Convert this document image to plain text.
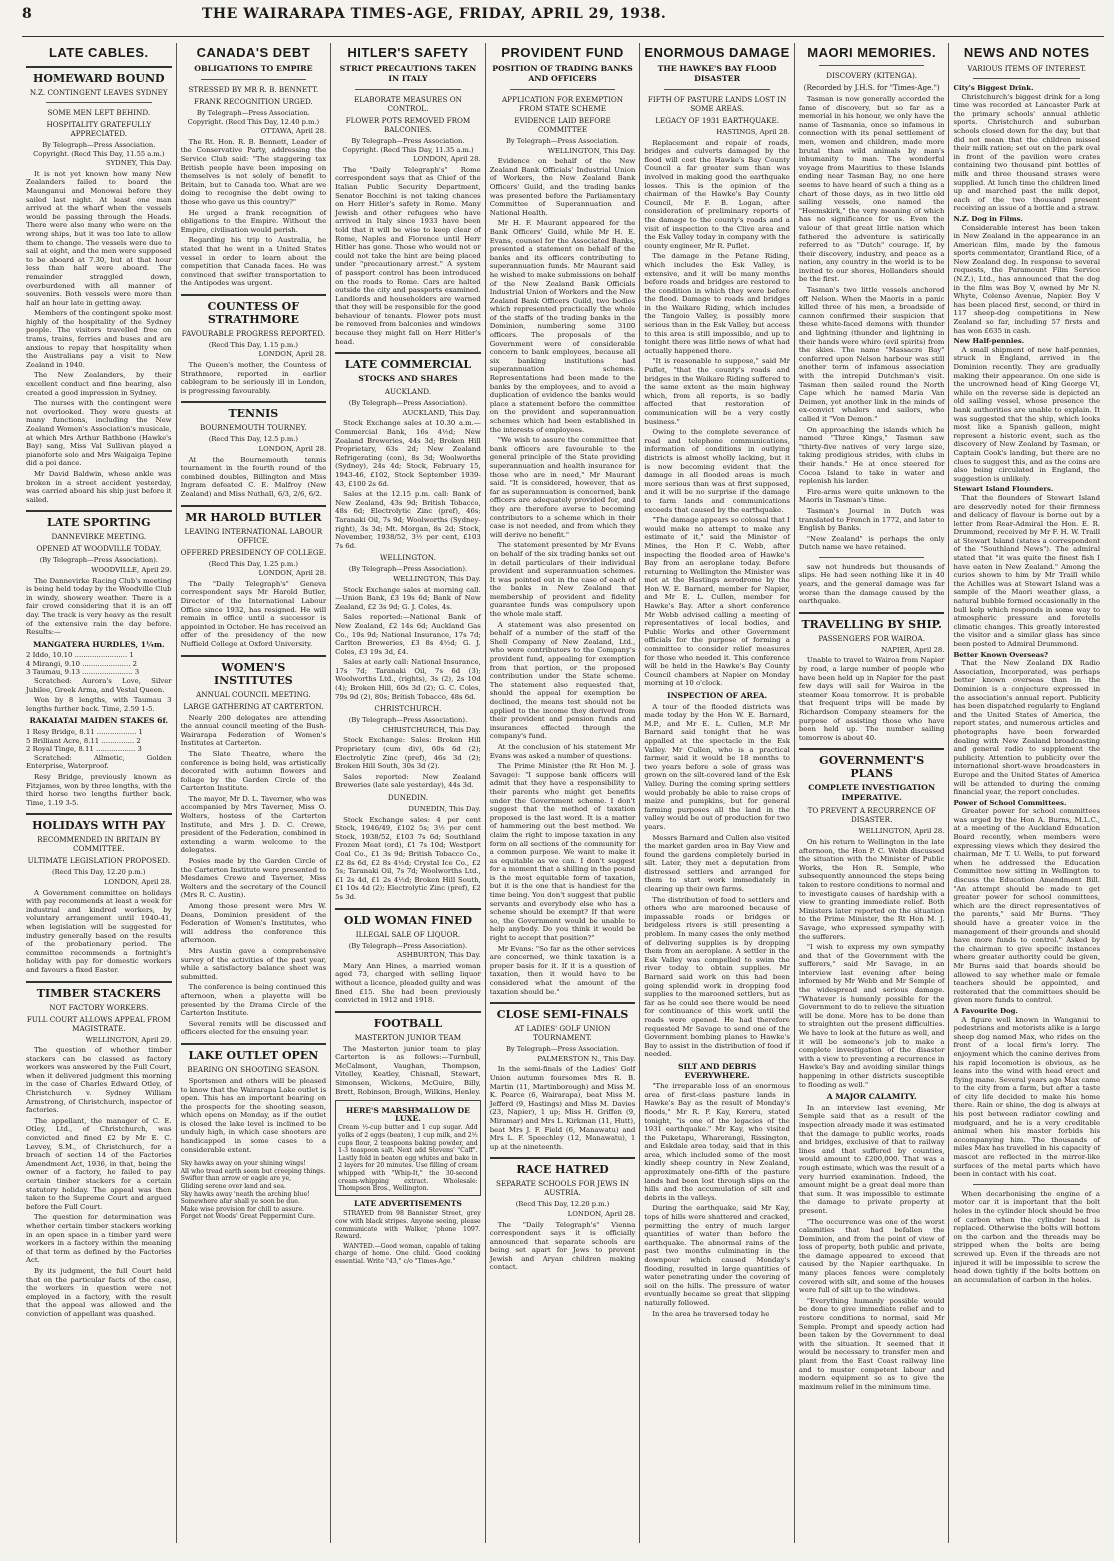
8	THE WAIRARAPA TIMES-AGE, FRIDAY, APRIL 29, 1938.
LATE CABLES.
HOMEWARD BOUND
N.Z. CONTINGENT LEAVES SYDNEY
SOME MEN LEFT BEHIND.
HOSPITALITY GRATEFULLY APPRECIATED.
By Telegraph—Press Association. Copyright. (Recd This Day, 11.55 a.m.)
SYDNEY, This Day.

It is not yet known how many New Zealanders failed to board the Maunganui and Monowai before they sailed last night. At least one man arrived at the wharf when the vessels would be passing through the Heads. There were also many who were on the wrong ships, but it was too late to allow them to change. The vessels were due to sail at eight, and the men were supposed to be aboard at 7.30, but at that hour less than half were aboard. The remainder straggled down, overburdened with all manner of souvenirs. Both vessels were more than half an hour late in getting away.

Members of the contingent spoke most highly of the hospitality of the Sydney people. The visitors travelled free on trams, trains, ferries and buses and are anxious to repay that hospitality when the Australians pay a visit to New Zealand in 1940.

The New Zealanders, by their excellent conduct and fine bearing, also created a good impression in Sydney.

The nurses with the contingent were not overlooked. They were guests at many functions, including the New Zealand Women's Association's musicale, at which Mrs Arthur Rathbone (Hawke's Bay) sang, Miss Val Sullivan played a pianoforte solo and Mrs Waigaiga Tepine did a poi dance.

Mr David Baldwin, whose ankle was broken in a street accident yesterday, was carried aboard his ship just before it sailed.

LATE SPORTING
DANNEVIRKE MEETING.
OPENED AT WOODVILLE TODAY.
(By Telegraph—Press Association).
WOODVILLE, April 29.

The Dannevirke Racing Club's meeting is being held today by the Woodville Club in windy, showery weather. There is a fair crowd considering that it is an off day. The track is very heavy as the result of the extensive rain the day before. Results:—

MANGATERA HURDLES, 1¼m.
2 Iddo, 10.10 ........................ 1
4 Mirangi, 9.10 ...................... 2
3 Taumau, 9.13 ....................... 3

Scratched: Aurora's Love, Silver Jubilee, Greek Arma, and Vestal Queen.

Won by 8 lengths, with Taumau 3 lengths further back. Time, 2.59 1-5.

RAKAIATAI MAIDEN STAKES 6f.
1 Resy Bridge, 8.11 .................. 1
5 Brilliant Acre, 8.11 ............... 2
2 Royal Tinge, 8.11 .................. 3

Scratched: Allmetic, Golden Enterprise, Waterproof.

Resy Bridge, previously known as Fitzjames, won by three lengths, with the third horse two lengths further back. Time, 1.19 3-5.

HOLIDAYS WITH PAY
RECOMMENDED IN BRITAIN BY COMMITTEE.
ULTIMATE LEGISLATION PROPOSED.
(Recd This Day, 12.20 p.m.)
LONDON, April 28.

A Government committee on holidays with pay recommends at least a week for industrial and kindred workers, by voluntary arrangement until 1940-41, when legislation will be suggested for industry generally based on the results of the probationary period. The committee recommends a fortnight's holiday with pay for domestic workers and favours a fixed Easter.

TIMBER STACKERS
NOT FACTORY WORKERS.
FULL COURT ALLOWS APPEAL FROM MAGISTRATE.
WELLINGTON, April 29.

The question of whether timber stackers can be classed as factory workers was answered by the Full Court, when it delivered judgment this morning in the case of Charles Edward Otley, of Christchurch v. Sydney William Armstrong, of Christchurch, inspector of factories.

The appellant, the manager of C. E. Otley, Ltd., of Christchurch, was convicted and fined £2 by Mr E. C. Levvey, S.M., of Christchurch, for a breach of section 14 of the Factories Amendment Act, 1936, in that, being the owner of a factory, he failed to pay certain timber stackers for a certain statutory holiday. The appeal was then taken to the Supreme Court and argued before the Full Court.

The question for determination was whether certain timber stackers working in an open space in a timber yard were workers in a factory within the meaning of that term as defined by the Factories Act.

By its judgment, the full Court held that on the particular facts of the case, the workers in question were not employed in a factory, with the result that the appeal was allowed and the conviction of appellant was quashed.

CANADA'S DEBT
OBLIGATIONS TO EMPIRE
STRESSED BY MR R. B. BENNETT.
FRANK RECOGNITION URGED.
By Telegraph—Press Association. Copyright. (Recd This Day, 12.40 p.m.)
OTTAWA, April 28.

The Rt. Hon. R. B. Bennett, Leader of the Conservative Party, addressing the Service Club said: "The staggering tax British people have been imposing on themselves is not solely of benefit to Britain, but to Canada too. What are we doing to recognise the debt owing to those who gave us this country?"

He urged a frank recognition of obligations to the Empire. Without the Empire, civilisation would perish.

Regarding his trip to Australia, he stated that he went in a United States vessel in order to learn about the competition that Canada faces. He was convinced that swifter transportation to the Antipodes was urgent.

COUNTESS OF STRATHMORE
FAVOURABLE PROGRESS REPORTED.
(Recd This Day, 1.15 p.m.)
LONDON, April 28.

The Queen's mother, the Countess of Strathmore, reported in earlier cablegram to be seriously ill in London, is progressing favourably.

TENNIS
BOURNEMOUTH TOURNEY.
(Recd This Day, 12.5 p.m.)
LONDON, April 28.

At the Bournemouth tennis tournament in the fourth round of the combined doubles, Billington and Miss Ingram defeated C. E. Malfroy (New Zealand) and Miss Nuthall, 6/3, 2/6, 6/2.

MR HAROLD BUTLER
LEAVING INTERNATIONAL LABOUR OFFICE.
OFFERED PRESIDENCY OF COLLEGE.
(Recd This Day, 1.25 p.m.)
LONDON, April 28.

The "Daily Telegraph's" Geneva correspondent says Mr Harold Butler, Director of the International Labour Office since 1932, has resigned. He will remain in office until a successor is appointed in October. He has received an offer of the presidency of the new Nuffield College at Oxford University.

WOMEN'S INSTITUTES
ANNUAL COUNCIL MEETING.
LARGE GATHERING AT CARTERTON.

Nearly 200 delegates are attending the annual council meeting of the Bush-Wairarapa Federation of Women's Institutes at Carterton.

The Slate Theatre, where the conference is being held, was artistically decorated with autumn flowers and foliage by the Garden Circle of the Carterton Institute.

The mayor, Mr D. L. Taverner, who was accompanied by Mrs Taverner, Miss O. Wolters, hostess of the Carterton Institute, and Mrs J. D. C. Crewe, president of the Federation, combined in extending a warm welcome to the delegates.

Posies made by the Garden Circle of the Carterton Institute were presented to Mesdames Crewe and Taverner, Miss Wolters and the secretary of the Council (Mrs R. C. Austin).

Among those present were Mrs W. Deans, Dominion president of the Federation of Women's Institutes, who will address the conference this afternoon.

Mrs Austin gave a comprehensive survey of the activities of the past year, while a satisfactory balance sheet was submitted.

The conference is being continued this afternoon, when a playette will be presented by the Drama Circle of the Carterton Institute.

Several remits will be discussed and officers elected for the ensuing year.

LAKE OUTLET OPEN
BEARING ON SHOOTING SEASON.

Sportsmen and others will be pleased to know that the Wairarapa Lake outlet is open. This has an important bearing on the prospects for the shooting season, which opens on Monday, as if the outlet is closed the lake level is inclined to be unduly high, in which case shooters are handicapped in some cases to a considerable extent.

Sky hawks away on your shining wings!
All who tread earth seem but creeping things.
Swifter than arrow or eagle are ye,
Gliding serene over land and sea.
Sky hawks away 'neath the arching blue!
Somewhere afar shall ye soon be due.
Make wise provision for chill to assure.
Forget not Woods' Great Peppermint Cure.
HITLER'S SAFETY
STRICT PRECAUTIONS TAKEN IN ITALY
ELABORATE MEASURES ON CONTROL.
FLOWER POTS REMOVED FROM BALCONIES.
By Telegraph—Press Association. Copyright. (Recd This Day, 11.35 a.m.)
LONDON, April 28.

The "Daily Telegraph's" Rome correspondent says that as Chief of the Italian Public Security Department, Senator Bocchini is not taking chances on Herr Hitler's safety in Rome. Many Jewish and other refugees who have arrived in Italy since 1933 have been told that it will be wise to keep clear of Rome, Naples and Florence until Herr Hitler has gone. Those who would not or could not take the hint are being placed under "precautionary arrest." A system of passport control has been introduced on the roads to Rome. Cars are halted outside the city and passports examined. Landlords and householders are warned that they will be responsible for the good behaviour of tenants. Flower pots must be removed from balconies and windows because they might fall on Herr Hitler's head.

LATE COMMERCIAL
STOCKS AND SHARES
AUCKLAND.
(By Telegraph—Press Association).
AUCKLAND, This Day.

Stock Exchange sales at 10.30 a.m.—Commercial Bank, 16s 4½d; New Zealand Breweries, 44s 3d; Broken Hill Proprietary, 63s 2d; New Zealand Refrigerating (con), 8s 3d; Woolworths (Sydney), 24s 4d; Stock, February 15, 1943-46, £102, Stock September 1939-43, £100 2s 6d.

Sales at the 12.15 p.m. call: Bank of New Zealand, 43s 9d; British Tobacco, 48s 6d; Electrolytic Zinc (pref), 46s; Taranaki Oil, 7s 9d; Woolworths (Sydney-right), 3s 3d; Mt. Morgan, 8s 2d; Stock, November, 1938/52, 3½ per cent, £103 7s 6d.

WELLINGTON.
(By Telegraph—Press Association).
WELLINGTON, This Day.

Stock Exchange sales at morning call.—Union Bank, £3 19s 6d; Bank of New Zealand, £2 3s 9d; G. J. Coles, 4s.

Sales reported:—National Bank of New Zealand, £2 14s 6d; Auckland Gas Co., 19s 9d; National Insurance, 17s 7d; Carlton Breweries, £3 8s 4½d; G. J. Coles, £3 19s 3d, £4.

Sales at early call: National Insurance, 17s 7d; Taranaki Oil, 7s 6d (3); Woolworths Ltd., (rights), 3s (2), 2s 10d (4); Broken Hill, 60s 3d (2); G. C. Coles, 79s 9d (2), 80s; British Tobacco, 48s 6d.

CHRISTCHURCH.
(By Telegraph—Press Association).
CHRISTCHURCH, This Day.

Stock Exchange: Sales: Broken Hill Proprietary (cum div), 60s 6d (2); Electrolytic Zinc (pref), 46s 3d (2); Broken Hill South, 30s 3d (2).

Sales reported: New Zealand Breweries (late sale yesterday), 44s 3d.

DUNEDIN.
DUNEDIN, This Day.

Stock Exchange sales: 4 per cent Stock, 1946/49, £102 5s; 3½ per cent Stock, 1938/52, £103 7s 6d; Southland Frozen Meat (ord), £1 7s 10d; Westport Coal Co., £1 3s 9d; British Tobacco Co., £2 8s 6d, £2 8s 4½d; Crystal Ice Co., £2 5s; Taranaki Oil, 7s 7d; Woolworths Ltd., £1 2s 4d, £1 2s 4½d; Broken Hill South, £1 10s 4d (2); Electrolytic Zinc (pref), £2 5s 3d.

OLD WOMAN FINED
ILLEGAL SALE OF LIQUOR.
(By Telegraph—Press Association).
ASHBURTON, This Day.

Mary Ann Hines, a married woman aged 73, charged with selling liquor without a licence, pleaded guilty and was fined £15. She had been previously convicted in 1912 and 1918.

FOOTBALL
MASTERTON JUNIOR TEAM

The Masterton junior team to play Carterton is as follows:—Turnbull, McCalmont, Vaughan, Thompson, Vitelley, Keatley, Chisnall, Stewart, Simonsen, Wickens, McGuire, Billy, Brett, Robinson, Brough, Wilkins, Henley.

HERE'S MARSHMALLOW DE LUXE.
Cream ½-cup butter and 1 cup sugar. Add yolks of 2 eggs (beaten), 1 cup milk, and 2½ cups flour, 2 teaspoons baking powder, and 1-3 teaspoon salt. Next add Stevens' "Caff". Lastly fold in beaten egg whites and bake in 2 layers for 20 minutes. Use filling of cream whipped with "Whip-It," the 30-second cream-whipping extract. Wholesale: Thompson Bros., Wellington.
LATE ADVERTISEMENTS

STRAYED from 98 Bannister Street, grey cow with black stripes. Anyone seeing, please communicate with Walker, 'phone 1097. Reward.

WANTED.—Good woman, capable of taking charge of home. One child. Good cooking essential. Write "43," c/o "Times-Age."

PROVIDENT FUND
POSITION OF TRADING BANKS AND OFFICERS
APPLICATION FOR EXEMPTION FROM STATE SCHEME
EVIDENCE LAID BEFORE COMMITTEE
By Telegraph—Press Association.
WELLINGTON, This Day.

Evidence on behalf of the New Zealand Bank Officials' Industrial Union of Workers, the New Zealand Bank Officers' Guild, and the trading banks was presented before the Parliamentary Committee of Superannuation and National Health.

Mr H. F. Maurant appeared for the Bank Officers' Guild, while Mr H. E. Evans, counsel for the Associated Banks, presented a statement on behalf of the banks and its officers contributing to superannuation funds. Mr Maurant said he wished to make submissions on behalf of the New Zealand Bank Officials Industrial Union of Workers and the New Zealand Bank Officers Guild, two bodies which represented practically the whole of the staffs of the trading banks in the Dominion, numbering some 3100 officers. The proposals of the Government were of considerable concern to bank employees, because all six banking institutions had superannuation schemes. Representations had been made to the banks by the employees, and to avoid a duplication of evidence the banks would place a statement before the committee on the provident and superannuation schemes which had been established in the interests of employees.

"We wish to assure the committee that bank officers are favourable to the general principle of the State providing superannuation and health insurance for those who are in need," Mr Maurant said. "It is considered, however, that as far as superannuation is concerned, bank officers are adequately provided for, and they are therefore averse to becoming contributors to a scheme which in their case is not needed, and from which they will derive no benefit."

The statement presented by Mr Evans on behalf of the six trading banks set out in detail particulars of their individual provident and superannuation schemes. It was pointed out in the case of each of the banks in New Zealand that membership of provident and fidelity guarantee funds was compulsory upon the whole male staff.

A statement was also presented on behalf of a number of the staff of the Shell Company of New Zealand, Ltd., who were contributors to the Company's provident fund, appealing for exemption from that portion, or the proposed contribution under the State scheme. The statement also requested that, should the appeal for exemption be declined, the means test should not be applied to the income they derived from their provident and pension funds and insurances effected through the company's fund.

At the conclusion of his statement Mr Evans was asked a number of questions.

The Prime Minister (the Rt Hon M. J. Savage): "I suppose bank officers will admit that they have a responsibility to their parents who might get benefits under the Government scheme. I don't suggest that the method of taxation proposed is the last word. It is a matter of hammering out the best method. We claim the right to impose taxation in any form on all sections of the community for a common purpose. We want to make it as equitable as we can. I don't suggest for a moment that a shilling in the pound is the most equitable form of taxation, but it is the one that is handiest for the time being. You don't suggest that public servants and everybody else who has a scheme should be exempt? If that were so, the Government would be unable to help anybody. Do you think it would be right to accept that position?"

Mr Evans: "So far as the other services are concerned, we think taxation is a proper basis for it. If it is a question of taxation, then it would have to be considered what the amount of the taxation should be."

CLOSE SEMI-FINALS
AT LADIES' GOLF UNION TOURNAMENT.
By Telegraph—Press Association.
PALMERSTON N., This Day.

In the semi-finals of the Ladies' Golf Union autumn foursomes Mrs R. B. Martin (11, Martinborough) and Miss M. K. Pearce (6, Wairarapa), beat Miss M. Jefferd (9, Hastings) and Miss M. Davies (23, Napier), 1 up; Miss H. Griffen (9, Miramar) and Mrs L. Kirkman (11, Hutt), beat Mrs J. F. Field (6, Manawatu) and Mrs L. F. Speechley (12, Manawatu), 1 up at the nineteenth.

RACE HATRED
SEPARATE SCHOOLS FOR JEWS IN AUSTRIA.
(Recd This Day, 12.20 p.m.)
LONDON, April 28.

The "Daily Telegraph's" Vienna correspondent says it is officially announced that separate schools are being set apart for Jews to prevent Jewish and Aryan children making contact.

ENORMOUS DAMAGE
THE HAWKE'S BAY FLOOD DISASTER
FIFTH OF PASTURE LANDS LOST IN SOME AREAS.
LEGACY OF 1931 EARTHQUAKE.
HASTINGS, April 28.

Replacement and repair of roads, bridges and culverts damaged by the flood will cost the Hawke's Bay County Council a far greater sum than was involved in making good the earthquake losses. This is the opinion of the chairman of the Hawke's Bay County Council, Mr F. B. Logan, after consideration of preliminary reports of the damage to the county's roads and a visit of inspection to the Clive area and the Esk Valley today in company with the county engineer, Mr R. Puflet.

The damage in the Petane Riding, which includes the Esk Valley, is extensive, and it will be many months before roads and bridges are restored to the condition in which they were before the flood. Damage to roads and bridges in the Waikare Riding, which includes the Tangoio Valley, is possibly more serious than in the Esk Valley, but access to this area is still impossible, and up to tonight there was little news of what had actually happened there.

"It is reasonable to suppose," said Mr Puflet, "that the county's roads and bridges in the Waikare Riding suffered to the same extent as the main highway which, from all reports, is so badly affected that restoration of communication will be a very costly business."

Owing to the complete severance of road and telephone communications, information of conditions in outlying districts is almost wholly lacking, but it is now becoming evident that the damage in all flooded areas is much more serious than was at first supposed, and it will be no surprise if the damage to farm lands and communications exceeds that caused by the earthquake.

"The damage appears so colossal that I would make no attempt to make any estimate of it," said the Minister of Mines, the Hon P. C. Webb, after inspecting the flooded area of Hawke's Bay from an aeroplane today. Before returning to Wellington the Minister was met at the Hastings aerodrome by the Hon W. E. Barnard, member for Napier, and Mr E. L. Cullen, member for Hawke's Bay. After a short conference Mr Webb advised calling a meeting of representatives of local bodies, and Public Works and other Government officials for the purpose of forming a committee to consider relief measures for those who needed it. This conference will be held in the Hawke's Bay County Council chambers at Napier on Monday morning at 10 o'clock.

INSPECTION OF AREA.

A tour of the flooded districts was made today by the Hon W. E. Barnard, M.P., and Mr E. L. Cullen, M.P. Mr Barnard said tonight that he was appalled at the spectacle in the Esk Valley. Mr Cullen, who is a practical farmer, said it would be 18 months to two years before a sole of grass was grown on the silt-covered land of the Esk Valley. During the coming spring settlers would probably be able to raise crops of maize and pumpkins, but for general farming purposes all the land in the valley would be out of production for two years.

Messrs Barnard and Cullen also visited the market garden area in Bay View and found the gardens completely buried in silt. Later, they met a deputation from distressed settlers and arranged for them to start work immediately in clearing up their own farms.

The distribution of food to settlers and others who are marooned because of impassable roads or bridges or bridgeless rivers is still presenting a problem. In many cases the only method of delivering supplies is by dropping them from an aeroplane. A settler in the Esk Valley was compelled to swim the river today to obtain supplies. Mr Barnard said work on this had been going splendid work in dropping food supplies to the marooned settlers, but as far as he could see there would be need for continuance of this work until the roads were opened. He had therefore requested Mr Savage to send one of the Government bombing planes to Hawke's Bay to assist in the distribution of food if needed.

SILT AND DEBRIS EVERYWHERE.

"The irreparable loss of an enormous area of first-class pasture lands in Hawke's Bay as the result of Monday's floods," Mr R. P. Kay, Kereru, stated tonight, "is one of the legacies of the 1931 earthquake." Mr Kay, who visited the Puketapu, Wharerangi, Rissington, and Eskdale area today, said that in this area, which included some of the most kindly sheep country in New Zealand, approximately one-fifth of the pasture lands had been lost through slips on the hills and the accumulation of silt and debris in the valleys.

During the earthquake, said Mr Kay, tops of hills were shattered and cracked, permitting the entry of much larger quantities of water than before the earthquake. The abnormal rains of the past two months culminating in the downpour which caused Monday's flooding, resulted in large quantities of water penetrating under the covering of soil on the hills. The pressure of water eventually became so great that slipping naturally followed.

In the area he traversed today he

MAORI MEMORIES.
DISCOVERY (KITENGA).
(Recorded by J.H.S. for "Times-Age.")

Tasman is now generally accorded the fame of discovery, but so far as a memorial in his honour, we only have the name of Tasmania, once so infamous in connection with its penal settlement of men, women and children, made more brutal than wild animals by man's inhumanity to man. The wonderful voyage from Mauritius to these Islands ending near Tasman Bay, no one here seems to have heard of such a thing as a chart of those days, as in two little old sailing vessels, one named the "Heemskirk," the very meaning of which has no significance for us. Even the valour of that great little nation which fathered the adventure is satirically referred to as "Dutch" courage. If, by their discovery, industry, and peace as a nation, any country in the world is to be invited to our shores, Hollanders should be the first.

Tasman's two little vessels anchored off Nelson. When the Maoris in a panic killed three of his men, a broadside of cannon confirmed their suspicion that these white-faced demons with thunder and lightning (thunder and lightning in their hands were whiro (evil spirits) from the skies. The name "Massacre Bay" conferred upon Nelson harbour was still another term of infamous association with the intrepid Dutchman's visit. Tasman then sailed round the North Cape which he named Maria Van Deimen, yet another link in the minds of ex-convict whalers and sailors, who called it "Von Demon."

On approaching the islands which he named "Three Kings," Tasman saw "thirty-five natives of very large size, taking prodigious strides, with clubs in their hands." He at once steered for Cocoa Island to take in water and replenish his larder.

Fire-arms were quite unknown to the Maoris in Tasman's time.

Tasman's Journal in Dutch was translated to French in 1772, and later to English by Banks.

"New Zealand" is perhaps the only Dutch name we have retained.

saw not hundreds but thousands of slips. He had seen nothing like it in 40 years, and the general damage was far worse than the damage caused by the earthquake.

TRAVELLING BY SHIP.
PASSENGERS FOR WAIROA.
NAPIER, April 28.

Unable to travel to Wairoa from Napier by road, a large number of people who have been held up in Napier for the past few days will sail for Wairoa in the steamer Koau tomorrow. It is probable that frequent trips will be made by Richardson Company steamers for the purpose of assisting those who have been held up. The number sailing tomorrow is about 40.

GOVERNMENT'S PLANS
COMPLETE INVESTIGATION IMPERATIVE.
TO PREVENT A RECURRENCE OF DISASTER.
WELLINGTON, April 28.

On his return to Wellington in the late afternoon, the Hon P. C. Webb discussed the situation with the Minister of Public Works, the Hon R. Semple, who subsequently announced the steps being taken to restore conditions to normal and to investigate causes of hardship with a view to granting immediate relief. Both Ministers later reported on the situation to the Prime Minister, the Rt Hon M. J. Savage, who expressed sympathy with the sufferers.

"I wish to express my own sympathy and that of the Government with the sufferers," said Mr Savage, in an interview last evening after being informed by Mr Webb and Mr Semple of the widespread and serious damage. "Whatever is humanly possible for the Government to do to relieve the situation will be done. More has to be done than to straighten out the present difficulties. We have to look at the future as well, and it will be someone's job to make a complete investigation of the disaster with a view to preventing a recurrence in Hawke's Bay and avoiding similar things happening in other districts susceptible to flooding as well."

A MAJOR CALAMITY.

In an interview last evening, Mr Semple said that as a result of the inspection already made it was estimated that the damage to public works, roads and bridges, exclusive of that to railway lines and that suffered by counties, would amount to £200,000. That was a rough estimate, which was the result of a very hurried examination. Indeed, the amount might be a great deal more than that sum. It was impossible to estimate the damage to private property at present.

"The occurrence was one of the worst calamities that had befallen the Dominion, and from the point of view of loss of property, both public and private, the damage appeared to exceed that caused by the Napier earthquake. In many places fences were completely covered with silt, and some of the houses were full of silt up to the windows.

"Everything humanly possible would be done to give immediate relief and to restore conditions to normal, said Mr Semple. Prompt and speedy action had been taken by the Government to deal with the situation. It seemed that it would be necessary to transfer men and plant from the East Coast railway line and to muster competent labour and modern equipment so as to give the maximum relief in the minimum time.

NEWS AND NOTES
VARIOUS ITEMS OF INTEREST.
City's Biggest Drink.

Christchurch's biggest drink for a long time was recorded at Lancaster Park at the primary schools' annual athletic sports. Christchurch and suburban schools closed down for the day, but that did not mean that the children missed their milk ration; set out on the park oval in front of the pavilion were crates containing two thousand pint bottles of milk and three thousand straws were supplied. At lunch time the children lined up and marched past the milk depot, each of the two thousand present receiving an issue of a bottle and a straw.

N.Z. Dog in Films.

Considerable interest has been taken in New Zealand in the appearance in an American film, made by the famous sports commentator, Grantland Rice, of a New Zealand dog. In response to several requests, the Paramount Film Service (N.Z.), Ltd., has announced that the dog in the film was Boy V, owned by Mr N. Whyte, Colenso Avenue, Napier. Boy V has been placed first, second, or third in 117 sheep-dog competitions in New Zealand so far, including 57 firsts and has won £635 in cash.

New Half-pennies.

A small shipment of new half-pennies, struck in England, arrived in the Dominion recently. They are gradually making their appearance. On one side is the uncrowned head of King George VI, while on the reverse side is depicted an old sailing vessel, whose presence the bank authorities are unable to explain. It was suggested that the ship, which looks most like a Spanish galleon, might represent a historic event, such as the discovery of New Zealand by Tasman, or Captain Cook's landing, but there are no clues to suggest this, and as the coins are also being circulated in England, the suggestion is unlikely.

Stewart Island Flounders.

That the flounders of Stewart Island are deservedly noted for their firmness and delicacy of flavour is borne out by a letter from Rear-Admiral the Hon. E. R. Drummond, received by Mr F. H. W. Traill at Stewart Island (states a correspondent of the "Southland News"). The admiral stated that "it was quite the finest fish I have eaten in New Zealand." Among the curios shown to him by Mr Traill while the Achilles was at Stewart Island was a sample of the Maori weather glass, a natural bubble formed occasionally in the bull kelp which responds in some way to atmospheric pressure and foretells climatic changes. This greatly interested the visitor and a similar glass has since been posted to Admiral Drummond.

Better Known Overseas?

That the New Zealand DX Radio Association, Incorporated, was perhaps better known overseas than in the Dominion is a conjecture expressed in the association's annual report. Publicity has been dispatched regularly to England and the United States of America, the report states, and numerous articles and photographs have been forwarded dealing with New Zealand broadcasting and general radio to supplement the publicity. Attention to publicity over the international short-wave broadcasters in Europe and the United States of America will be attended to during the coming financial year, the report concludes.

Power of School Committees.

Greater power for school committees was urged by the Hon A. Burns, M.L.C., at a meeting of the Auckland Education Board recently, when members were expressing views which they desired the chairman, Mr T. U. Wells, to put forward when he addressed the Education Committee now sitting in Wellington to discuss the Education Amendment Bill. "An attempt should be made to get greater power for school committees, which are the direct representatives of the parents," said Mr Burns. "They should have a greater voice in the management of their grounds and should have more funds to control." Asked by the chairman to give specific instances where greater authority could be given, Mr Burns said that boards should be allowed to say whether male or female teachers should be appointed, and reiterated that the committees should be given more funds to control.

A Favourite Dog.

A figure well known in Wanganui to pedestrians and motorists alike is a large sheep dog named Max, who rides on the front of a local firm's lorry. The enjoyment which the canine derives from his rapid locomotion is obvious, as he leans into the wind with head erect and flying mane. Several years ago Max came to the city from a farm, but after a taste of city life decided to make his home there. Rain or shine, the dog is always at his post between radiator cowling and mudguard, and he is a very creditable animal when his master forbids his accompanying him. The thousands of miles Max has travelled in his capacity of mascot are reflected in the mirror-like surfaces of the metal parts which have been in contact with his coat.

When decarbonising the engine of a motor car it is important that the bolt holes in the cylinder block should be free of carbon when the cylinder head is replaced. Otherwise the bolts will bottom on the carbon and the threads may be stripped when the bolts are being screwed up. Even if the threads are not injured it will be impossible to screw the head down tightly if the bolts bottom on an accumulation of carbon in the holes.
